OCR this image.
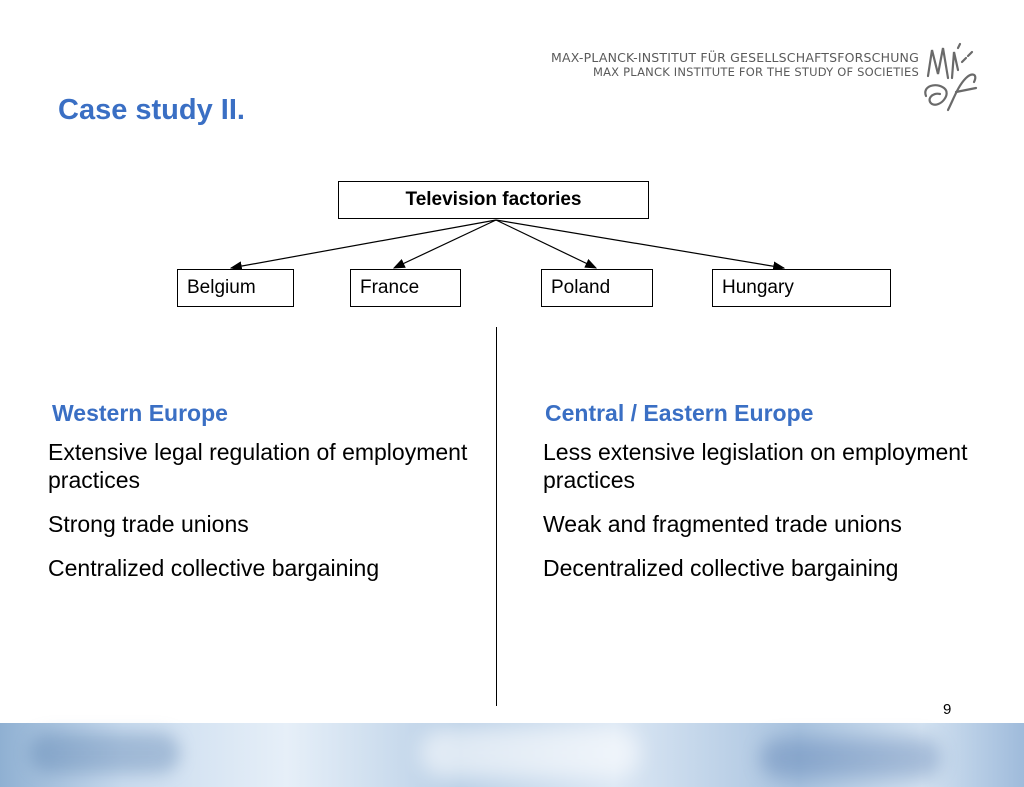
MAX-PLANCK-INSTITUT FÜR GESELLSCHAFTSFORSCHUNG
MAX PLANCK INSTITUTE FOR THE STUDY OF SOCIETIES
Case study II.
Television factories
Belgium	France	Poland	Hungary
Western Europe
Extensive legal regulation of employment practices
Strong trade unions
Centralized collective bargaining
Central / Eastern Europe
Less extensive legislation on employment practices
Weak and fragmented trade unions
Decentralized collective bargaining
9
